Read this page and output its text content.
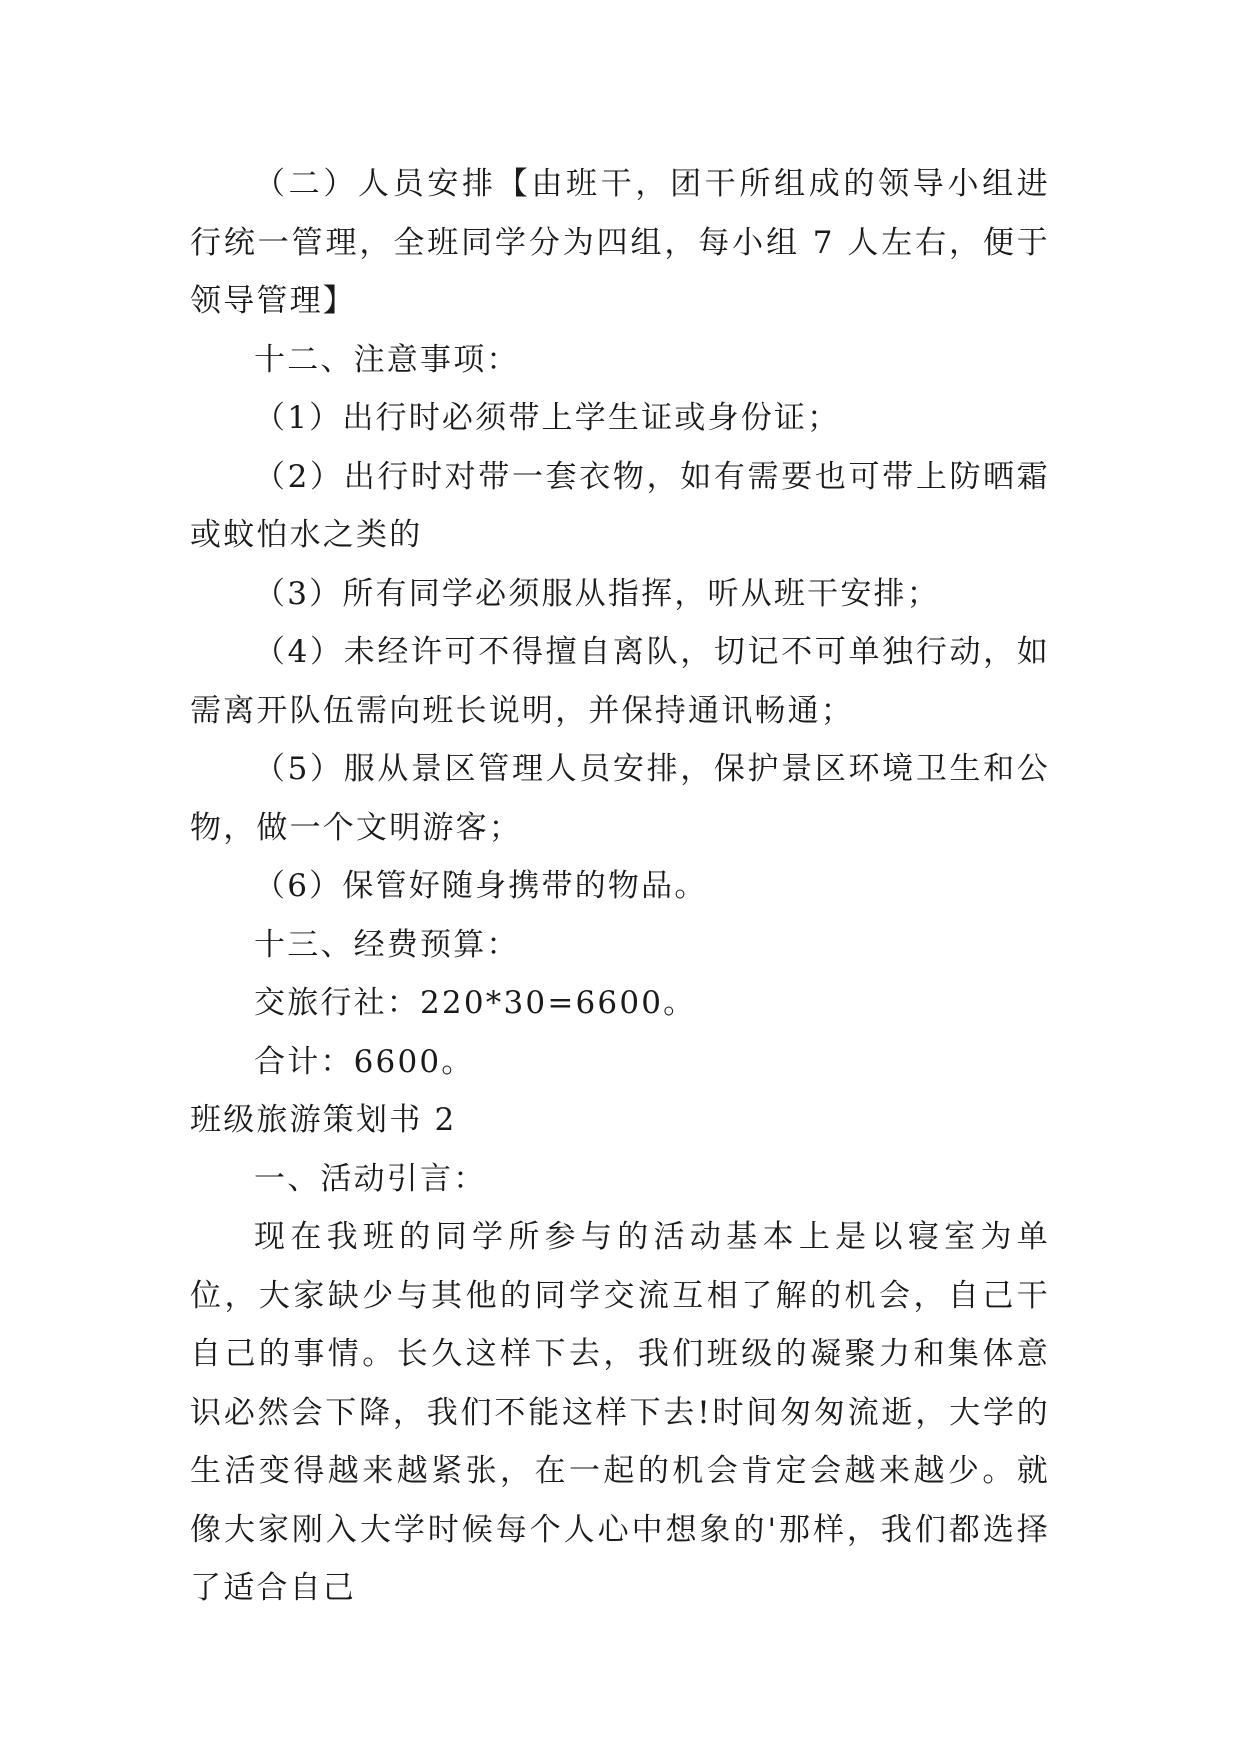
（二）人员安排【由班干，团干所组成的领导小组进行统一管理，全班同学分为四组，每小组 7 人左右，便于领导管理】

十二、注意事项：

（1）出行时必须带上学生证或身份证；

（2）出行时对带一套衣物，如有需要也可带上防晒霜或蚊怕水之类的

（3）所有同学必须服从指挥，听从班干安排；

（4）未经许可不得擅自离队，切记不可单独行动，如需离开队伍需向班长说明，并保持通讯畅通；

（5）服从景区管理人员安排，保护景区环境卫生和公物，做一个文明游客；

（6）保管好随身携带的物品。

十三、经费预算：

交旅行社：220*30=6600。

合计：6600。

班级旅游策划书 2

一、活动引言：

现在我班的同学所参与的活动基本上是以寝室为单位，大家缺少与其他的同学交流互相了解的机会，自己干自己的事情。长久这样下去，我们班级的凝聚力和集体意识必然会下降，我们不能这样下去!时间匆匆流逝，大学的生活变得越来越紧张，在一起的机会肯定会越来越少。就像大家刚入大学时候每个人心中想象的'那样，我们都选择了适合自己
